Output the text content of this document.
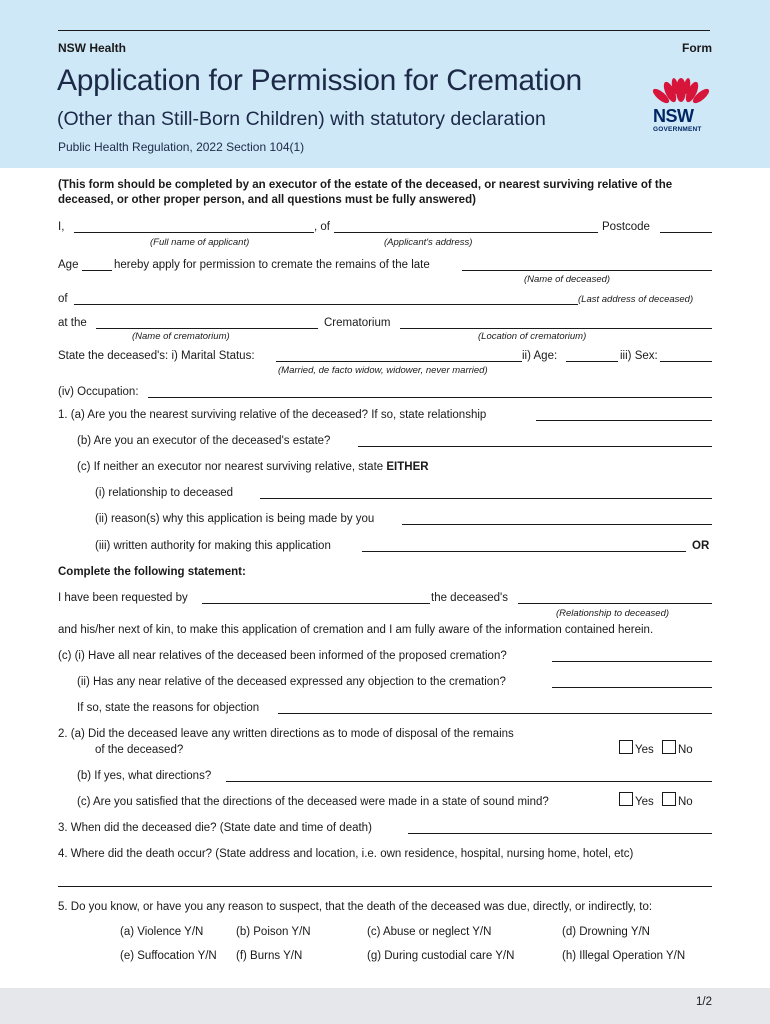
NSW Health	Form
Application for Permission for Cremation
(Other than Still-Born Children) with statutory declaration
Public Health Regulation, 2022 Section 104(1)
NSW
GOVERNMENT
(This form should be completed by an executor of the estate of the deceased, or nearest surviving relative of the
deceased, or other proper person, and all questions must be fully answered)
I,	, of	Postcode
(Full name of applicant)	(Applicant's address)
Age	hereby apply for permission to cremate the remains of the late
(Name of deceased)
of	(Last address of deceased)
at the	Crematorium
(Name of crematorium)	(Location of crematorium)
State the deceased's: i) Marital Status:	ii) Age:	iii) Sex:
(Married, de facto widow, widower, never married)
(iv) Occupation:
1. (a) Are you the nearest surviving relative of the deceased? If so, state relationship
(b) Are you an executor of the deceased's estate?
(c) If neither an executor nor nearest surviving relative, state EITHER
(i) relationship to deceased
(ii) reason(s) why this application is being made by you
(iii) written authority for making this application	OR
Complete the following statement:
I have been requested by	the deceased's
(Relationship to deceased)
and his/her next of kin, to make this application of cremation and I am fully aware of the information contained herein.
(c) (i) Have all near relatives of the deceased been informed of the proposed cremation?
(ii) Has any near relative of the deceased expressed any objection to the cremation?
If so, state the reasons for objection
2. (a) Did the deceased leave any written directions as to mode of disposal of the remains
of the deceased?	Yes No
(b) If yes, what directions?
(c) Are you satisfied that the directions of the deceased were made in a state of sound mind?	Yes No
3. When did the deceased die? (State date and time of death)
4. Where did the death occur? (State address and location, i.e. own residence, hospital, nursing home, hotel, etc)
5. Do you know, or have you any reason to suspect, that the death of the deceased was due, directly, or indirectly, to:
(a) Violence Y/N	(b) Poison Y/N	(c) Abuse or neglect Y/N	(d) Drowning Y/N
(e) Suffocation Y/N (f) Burns Y/N	(g) During custodial care Y/N	(h) Illegal Operation Y/N
1/2
